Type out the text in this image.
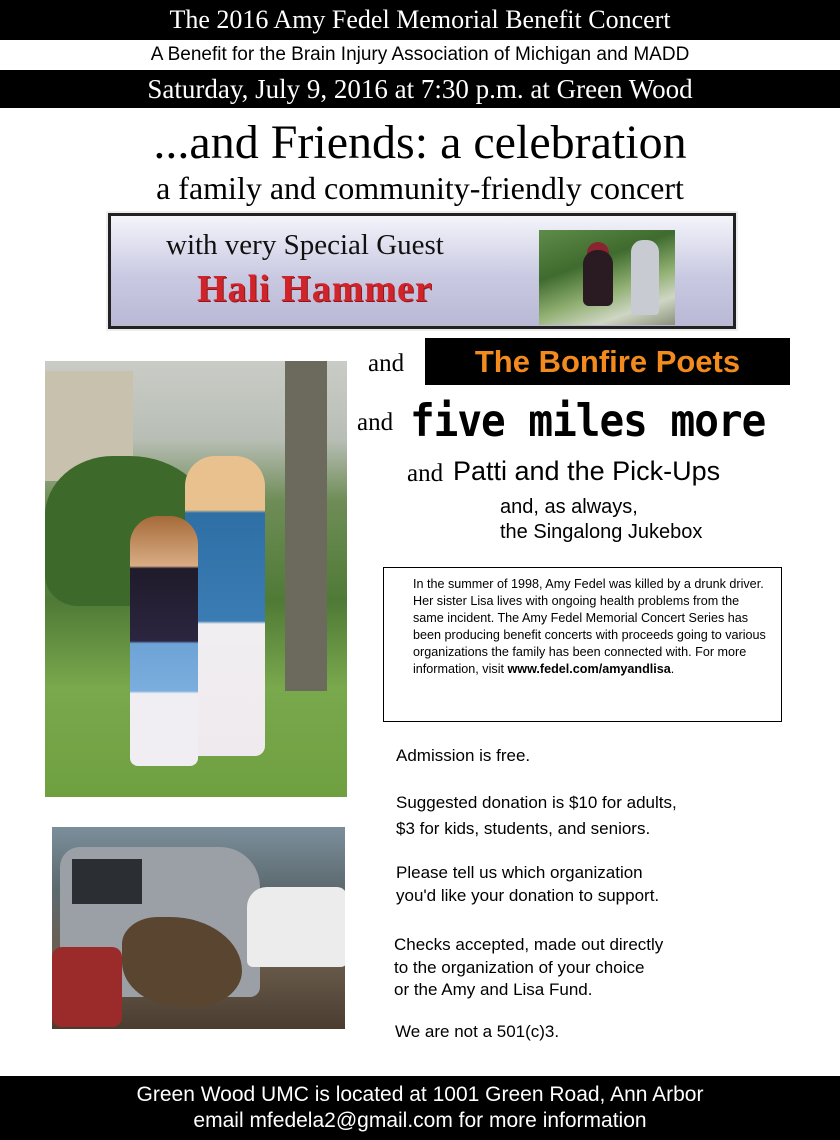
The 2016 Amy Fedel Memorial Benefit Concert
A Benefit for the Brain Injury Association of Michigan and MADD
Saturday, July 9, 2016 at 7:30 p.m. at Green Wood
...and Friends: a celebration
a family and community-friendly concert
with very Special Guest
Hali Hammer
and	The Bonfire Poets
and five miles more
and Patti and the Pick-Ups
and, as always,
the Singalong Jukebox
In the summer of 1998, Amy Fedel was killed by a drunk driver. Her sister Lisa lives with ongoing health problems from the same incident. The Amy Fedel Memorial Concert Series has been producing benefit concerts with proceeds going to various organizations the family has been connected with. For more information, visit www.fedel.com/amyandlisa.
Admission is free.
Suggested donation is $10 for adults,
$3 for kids, students, and seniors.
Please tell us which organization
you'd like your donation to support.
Checks accepted, made out directly
to the organization of your choice
or the Amy and Lisa Fund.
We are not a 501(c)3.
Green Wood UMC is located at 1001 Green Road, Ann Arbor
email mfedela2@gmail.com for more information
